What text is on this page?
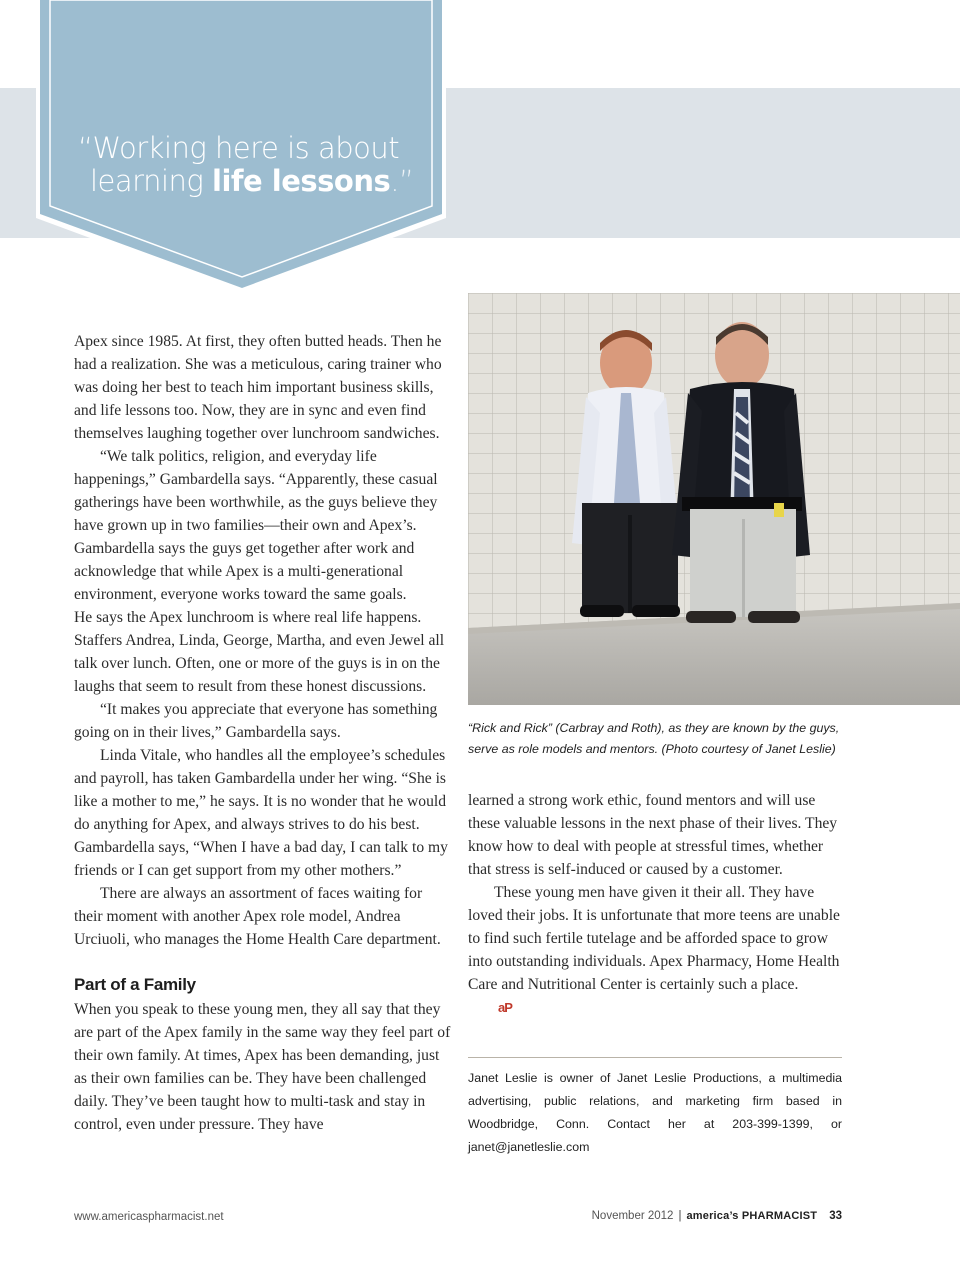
“Working here is about

learning life lessons.”

Apex since 1985. At first, they often butted heads. Then he had a realization. She was a meticulous, caring trainer who was doing her best to teach him important business skills, and life lessons too. Now, they are in sync and even find themselves laughing together over lunchroom sandwiches.

“We talk politics, religion, and everyday life happenings,” Gambardella says. “Apparently, these casual gatherings have been worthwhile, as the guys believe they have grown up in two families—their own and Apex’s. Gambardella says the guys get together after work and acknowledge that while Apex is a multi-generational environment, everyone works toward the same goals.

He says the Apex lunchroom is where real life happens. Staffers Andrea, Linda, George, Martha, and even Jewel all talk over lunch. Often, one or more of the guys is in on the laughs that seem to result from these honest discussions.

“It makes you appreciate that everyone has something going on in their lives,” Gambardella says.

Linda Vitale, who handles all the employee’s schedules and payroll, has taken Gambardella under her wing. “She is like a mother to me,” he says. It is no wonder that he would do anything for Apex, and always strives to do his best. Gambardella says, “When I have a bad day, I can talk to my friends or I can get support from my other mothers.”

There are always an assortment of faces waiting for their moment with another Apex role model, Andrea Urciuoli, who manages the Home Health Care department.

Part of a Family

When you speak to these young men, they all say that they are part of the Apex family in the same way they feel part of their own family. At times, Apex has been demanding, just as their own families can be. They have been challenged daily. They’ve been taught how to multi-task and stay in control, even under pressure. They have

“Rick and Rick” (Carbray and Roth), as they are known by the guys, serve as role models and mentors. (Photo courtesy of Janet Leslie)

learned a strong work ethic, found mentors and will use these valuable lessons in the next phase of their lives. They know how to deal with people at stressful times, whether that stress is self-induced or caused by a customer.

These young men have given it their all. They have loved their jobs. It is unfortunate that more teens are unable to find such fertile tutelage and be afforded space to grow into outstanding individuals. Apex Pharmacy, Home Health Care and Nutritional Center is certainly such a place.aP

Janet Leslie is owner of Janet Leslie Productions, a multimedia advertising, public relations, and marketing firm based in Woodbridge, Conn. Contact her at 203-399-1399, or janet@janetleslie.com
www.americaspharmacist.net	November 2012 | america’s PHARMACIST 33
